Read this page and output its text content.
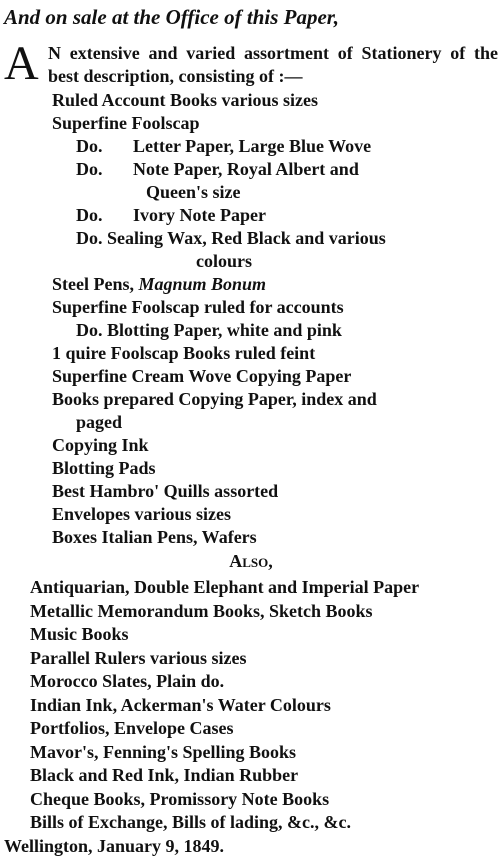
And on sale at the Office of this Paper,
A N extensive and varied assortment of Stationery of the best description, consisting of :—
Ruled Account Books various sizes
Superfine Foolscap
Do. Letter Paper, Large Blue Wove
Do. Note Paper, Royal Albert and
Queen's size
Do. Ivory Note Paper
Do. Sealing Wax, Red Black and various
colours
Steel Pens, Magnum Bonum
Superfine Foolscap ruled for accounts
Do. Blotting Paper, white and pink
1 quire Foolscap Books ruled feint
Superfine Cream Wove Copying Paper
Books prepared Copying Paper, index and
paged
Copying Ink
Blotting Pads
Best Hambro' Quills assorted
Envelopes various sizes
Boxes Italian Pens, Wafers
Also,
Antiquarian, Double Elephant and Imperial Paper
Metallic Memorandum Books, Sketch Books
Music Books
Parallel Rulers various sizes
Morocco Slates, Plain do.
Indian Ink, Ackerman's Water Colours
Portfolios, Envelope Cases
Mavor's, Fenning's Spelling Books
Black and Red Ink, Indian Rubber
Cheque Books, Promissory Note Books
Bills of Exchange, Bills of lading, &c., &c.
Wellington, January 9, 1849.
